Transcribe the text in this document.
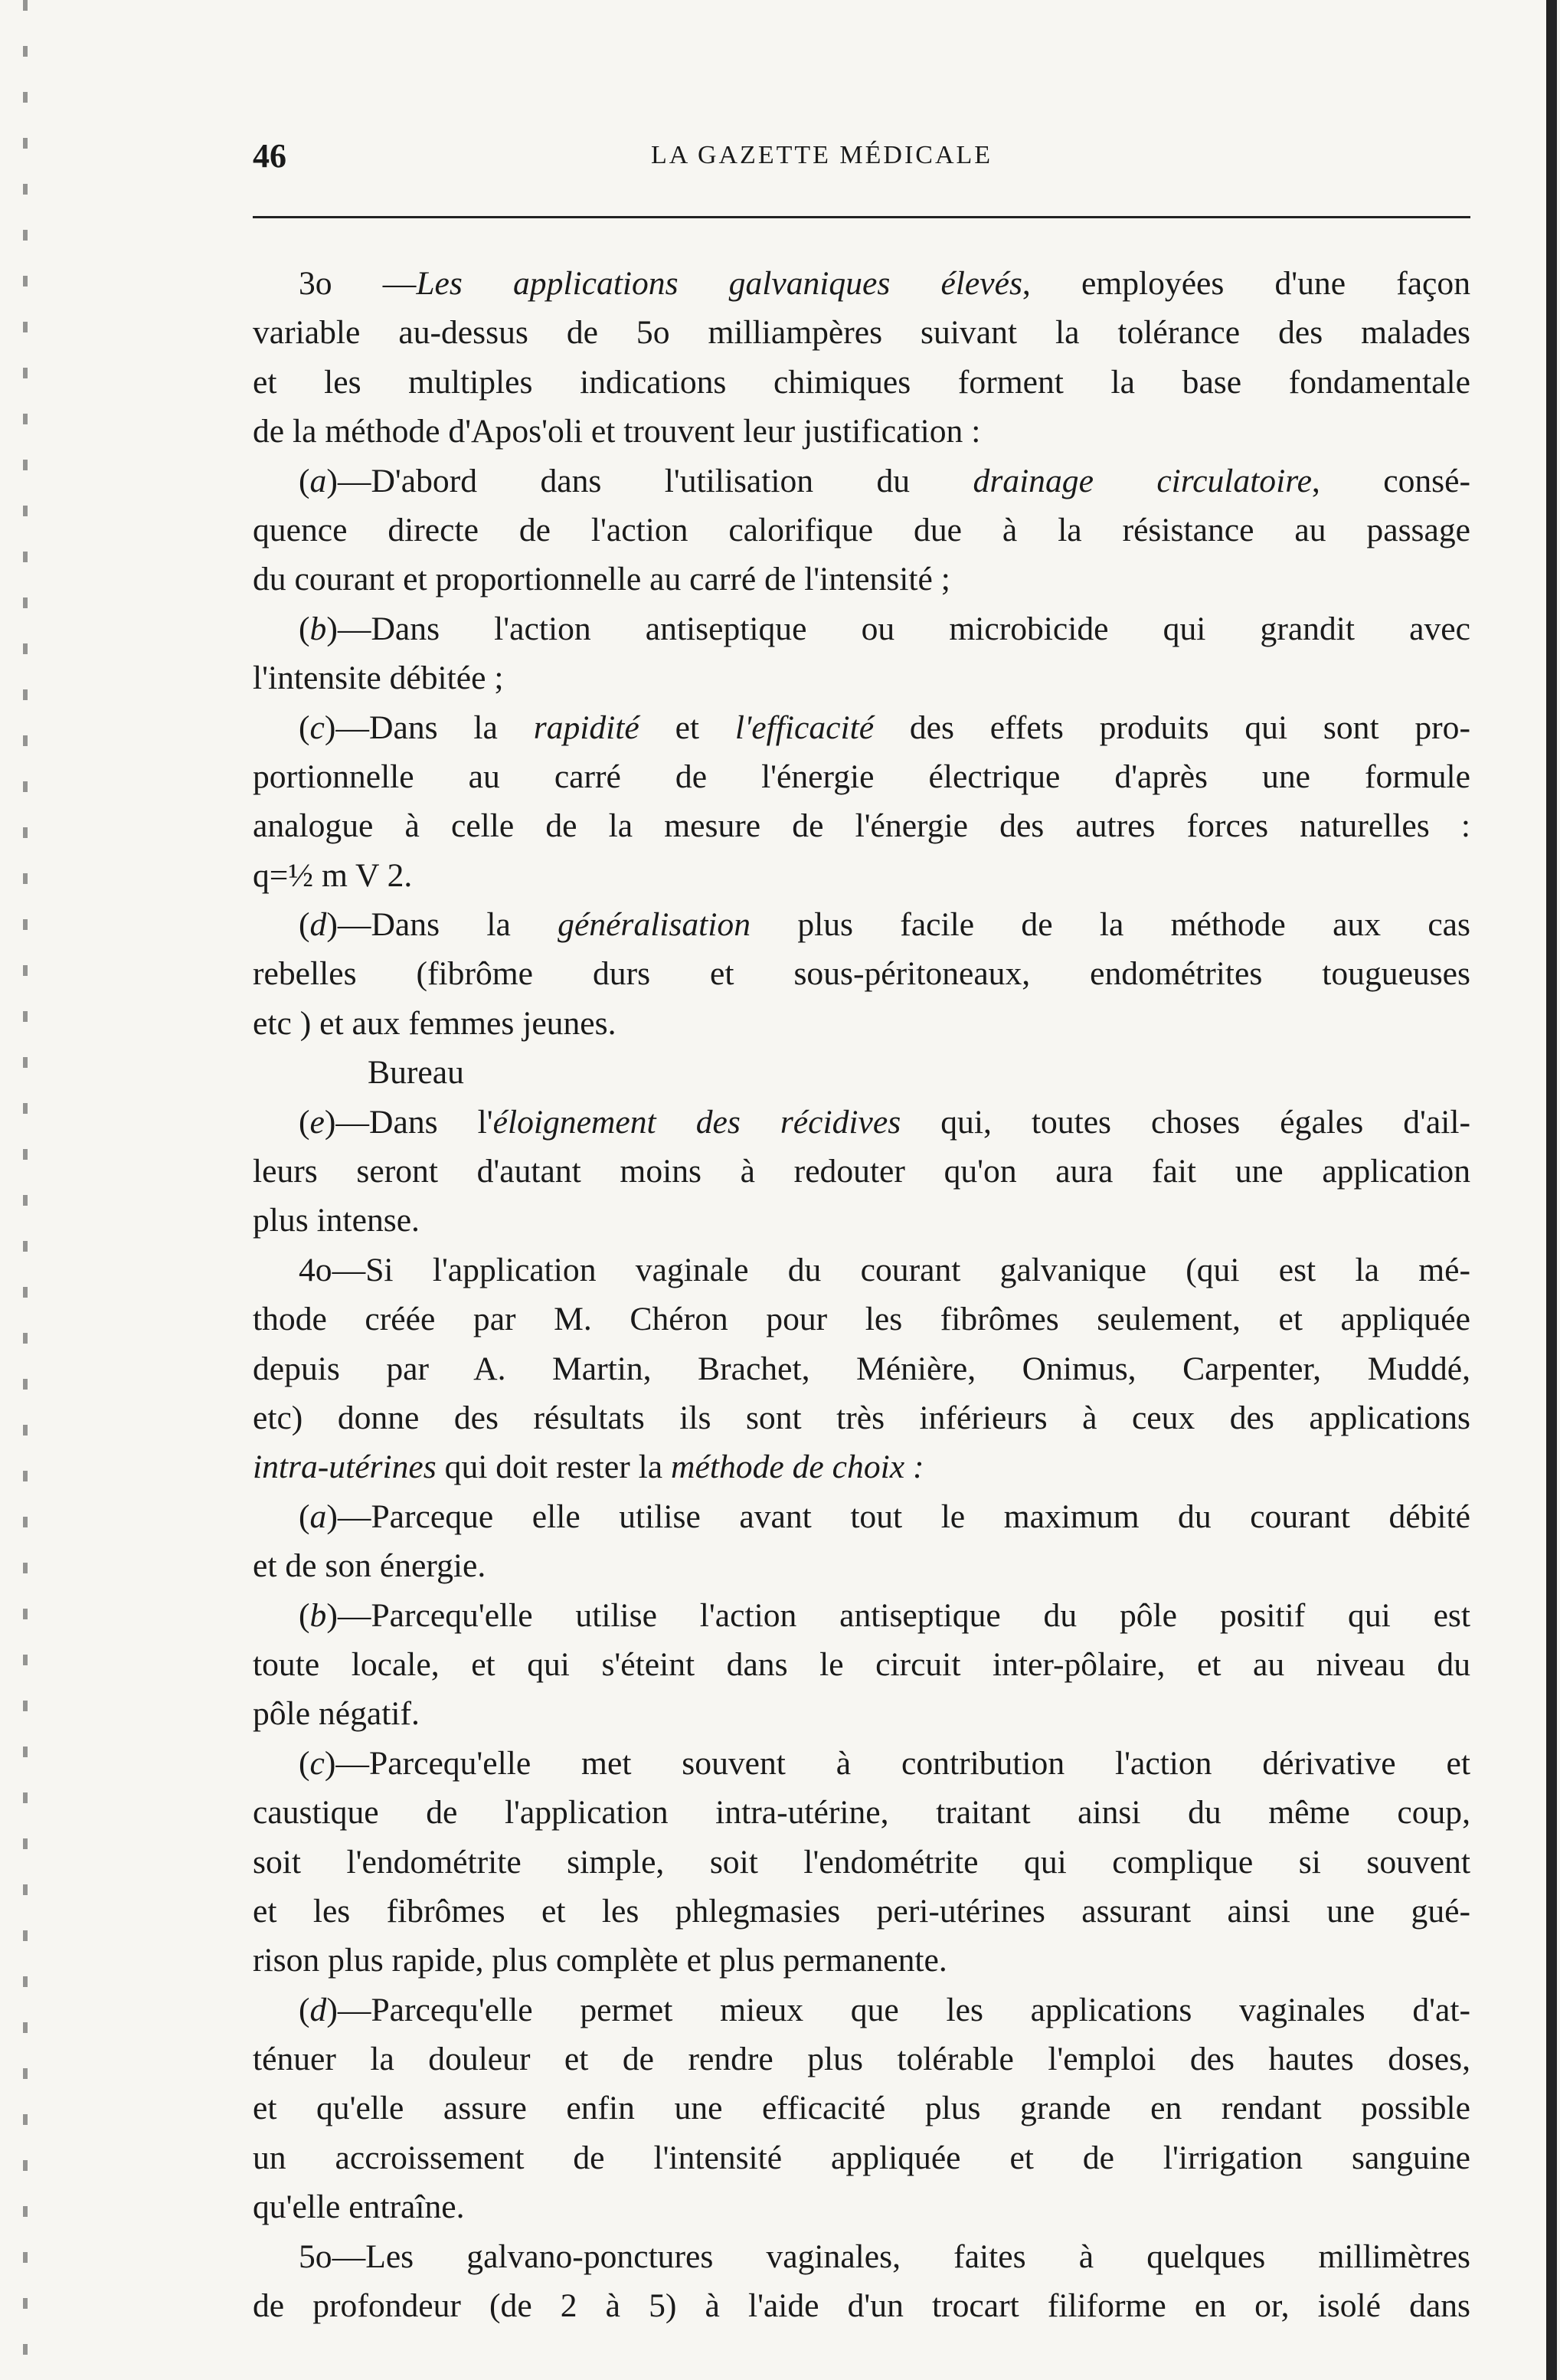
46	LA GAZETTE MÉDICALE
3o —Les applications galvaniques élevés, employées d'une façon
variable au-dessus de 5o milliampères suivant la tolérance des malades
et les multiples indications chimiques forment la base fondamentale
de la méthode d'Apos'oli et trouvent leur justification :
(a)—D'abord dans l'utilisation du drainage circulatoire, consé-
quence directe de l'action calorifique due à la résistance au passage
du courant et proportionnelle au carré de l'intensité ;
(b)—Dans l'action antiseptique ou microbicide qui grandit avec
l'intensite débitée ;
(c)—Dans la rapidité et l'efficacité des effets produits qui sont pro-
portionnelle au carré de l'énergie électrique d'après une formule
analogue à celle de la mesure de l'énergie des autres forces naturelles :
q=½ m V 2.
(d)—Dans la généralisation plus facile de la méthode aux cas
rebelles (fibrôme durs et sous-péritoneaux, endométrites tougueuses
etc ) et aux femmes jeunes.
Bureau
(e)—Dans l'éloignement des récidives qui, toutes choses égales d'ail-
leurs seront d'autant moins à redouter qu'on aura fait une application
plus intense.
4o—Si l'application vaginale du courant galvanique (qui est la mé-
thode créée par M. Chéron pour les fibrômes seulement, et appliquée
depuis par A. Martin, Brachet, Ménière, Onimus, Carpenter, Muddé,
etc) donne des résultats ils sont très inférieurs à ceux des applications
intra-utérines qui doit rester la méthode de choix :
(a)—Parceque elle utilise avant tout le maximum du courant débité
et de son énergie.
(b)—Parcequ'elle utilise l'action antiseptique du pôle positif qui est
toute locale, et qui s'éteint dans le circuit inter-pôlaire, et au niveau du
pôle négatif.
(c)—Parcequ'elle met souvent à contribution l'action dérivative et
caustique de l'application intra-utérine, traitant ainsi du même coup,
soit l'endométrite simple, soit l'endométrite qui complique si souvent
et les fibrômes et les phlegmasies peri-utérines assurant ainsi une gué-
rison plus rapide, plus complète et plus permanente.
(d)—Parcequ'elle permet mieux que les applications vaginales d'at-
ténuer la douleur et de rendre plus tolérable l'emploi des hautes doses,
et qu'elle assure enfin une efficacité plus grande en rendant possible
un accroissement de l'intensité appliquée et de l'irrigation sanguine
qu'elle entraîne.
5o—Les galvano-ponctures vaginales, faites à quelques millimètres
de profondeur (de 2 à 5) à l'aide d'un trocart filiforme en or, isolé dans
